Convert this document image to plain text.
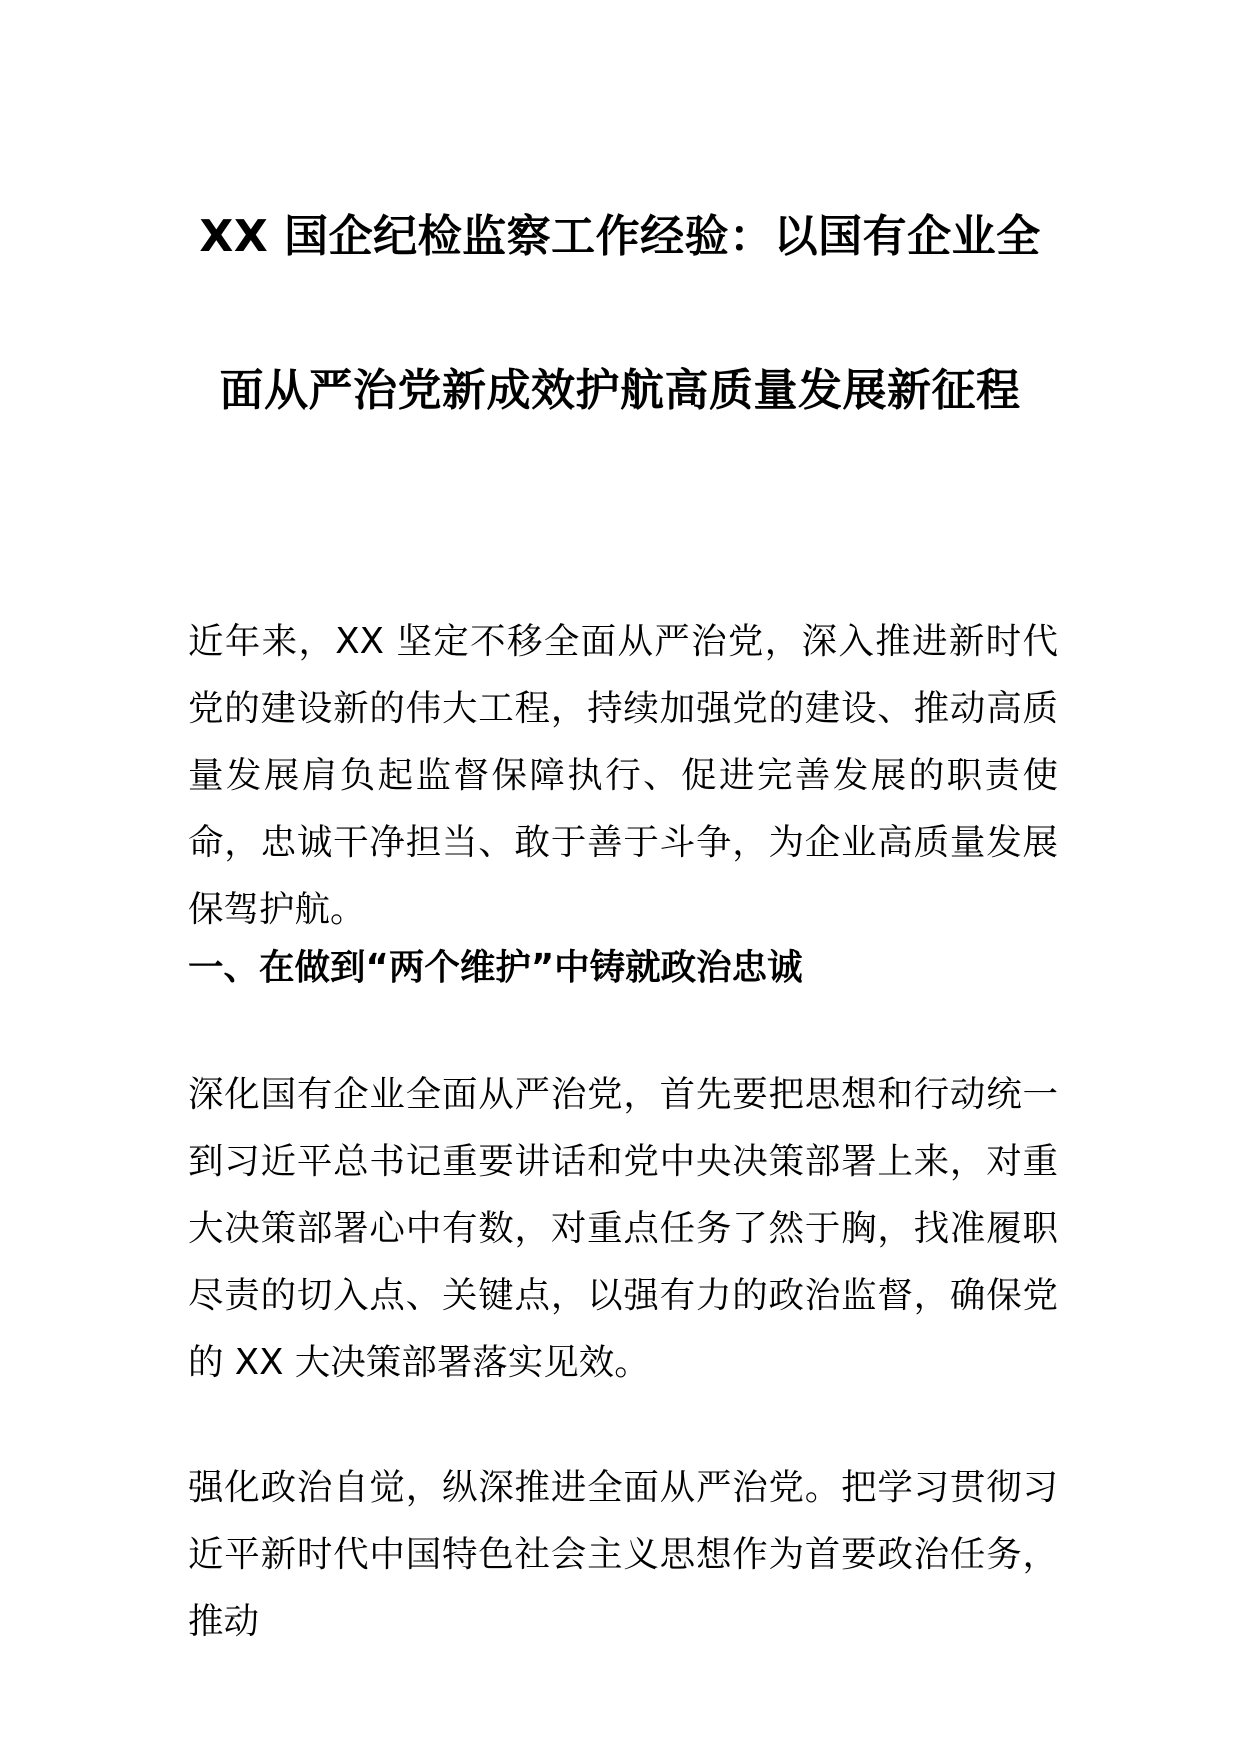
XX 国企纪检监察工作经验：以国有企业全
面从严治党新成效护航高质量发展新征程

近年来，XX 坚定不移全面从严治党，深入推进新时代党的建设新的伟大工程，持续加强党的建设、推动高质量发展肩负起监督保障执行、促进完善发展的职责使命，忠诚干净担当、敢于善于斗争，为企业高质量发展保驾护航。

一、在做到“两个维护”中铸就政治忠诚

深化国有企业全面从严治党，首先要把思想和行动统一到习近平总书记重要讲话和党中央决策部署上来，对重大决策部署心中有数，对重点任务了然于胸，找准履职尽责的切入点、关键点，以强有力的政治监督，确保党的 XX 大决策部署落实见效。

强化政治自觉，纵深推进全面从严治党。把学习贯彻习近平新时代中国特色社会主义思想作为首要政治任务，推动
